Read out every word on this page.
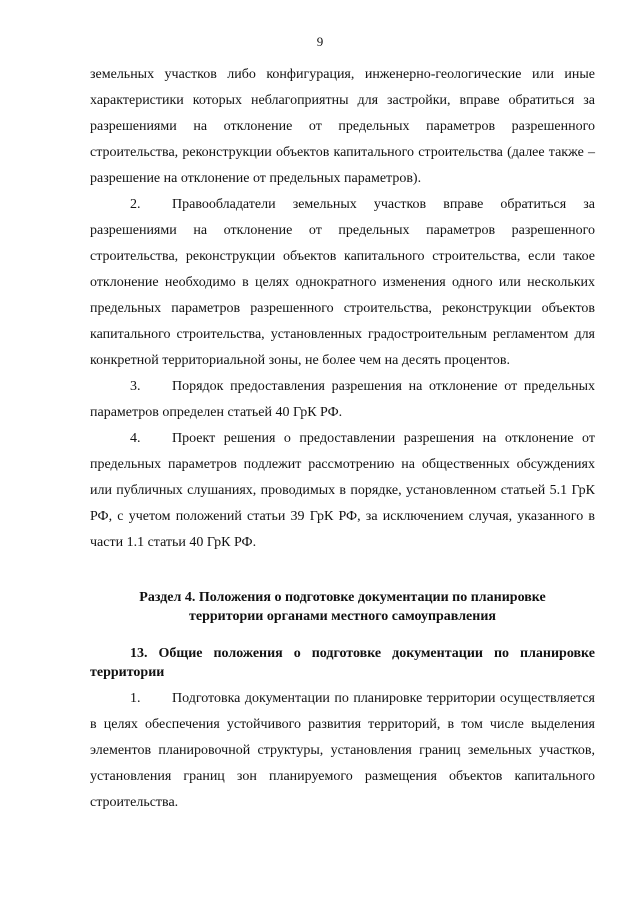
9

земельных участков либо конфигурация, инженерно-геологические или иные характеристики которых неблагоприятны для застройки, вправе обратиться за разрешениями на отклонение от предельных параметров разрешенного строительства, реконструкции объектов капитального строительства (далее также – разрешение на отклонение от предельных параметров).

2. Правообладатели земельных участков вправе обратиться за разрешениями на отклонение от предельных параметров разрешенного строительства, реконструкции объектов капитального строительства, если такое отклонение необходимо в целях однократного изменения одного или нескольких предельных параметров разрешенного строительства, реконструкции объектов капитального строительства, установленных градостроительным регламентом для конкретной территориальной зоны, не более чем на десять процентов.

3. Порядок предоставления разрешения на отклонение от предельных параметров определен статьей 40 ГрК РФ.

4. Проект решения о предоставлении разрешения на отклонение от предельных параметров подлежит рассмотрению на общественных обсуждениях или публичных слушаниях, проводимых в порядке, установленном статьей 5.1 ГрК РФ, с учетом положений статьи 39 ГрК РФ, за исключением случая, указанного в части 1.1 статьи 40 ГрК РФ.

Раздел 4. Положения о подготовке документации по планировке
территории органами местного самоуправления
13. Общие положения о подготовке документации по планировке территории

1. Подготовка документации по планировке территории осуществляется в целях обеспечения устойчивого развития территорий, в том числе выделения элементов планировочной структуры, установления границ земельных участков, установления границ зон планируемого размещения объектов капитального строительства.
